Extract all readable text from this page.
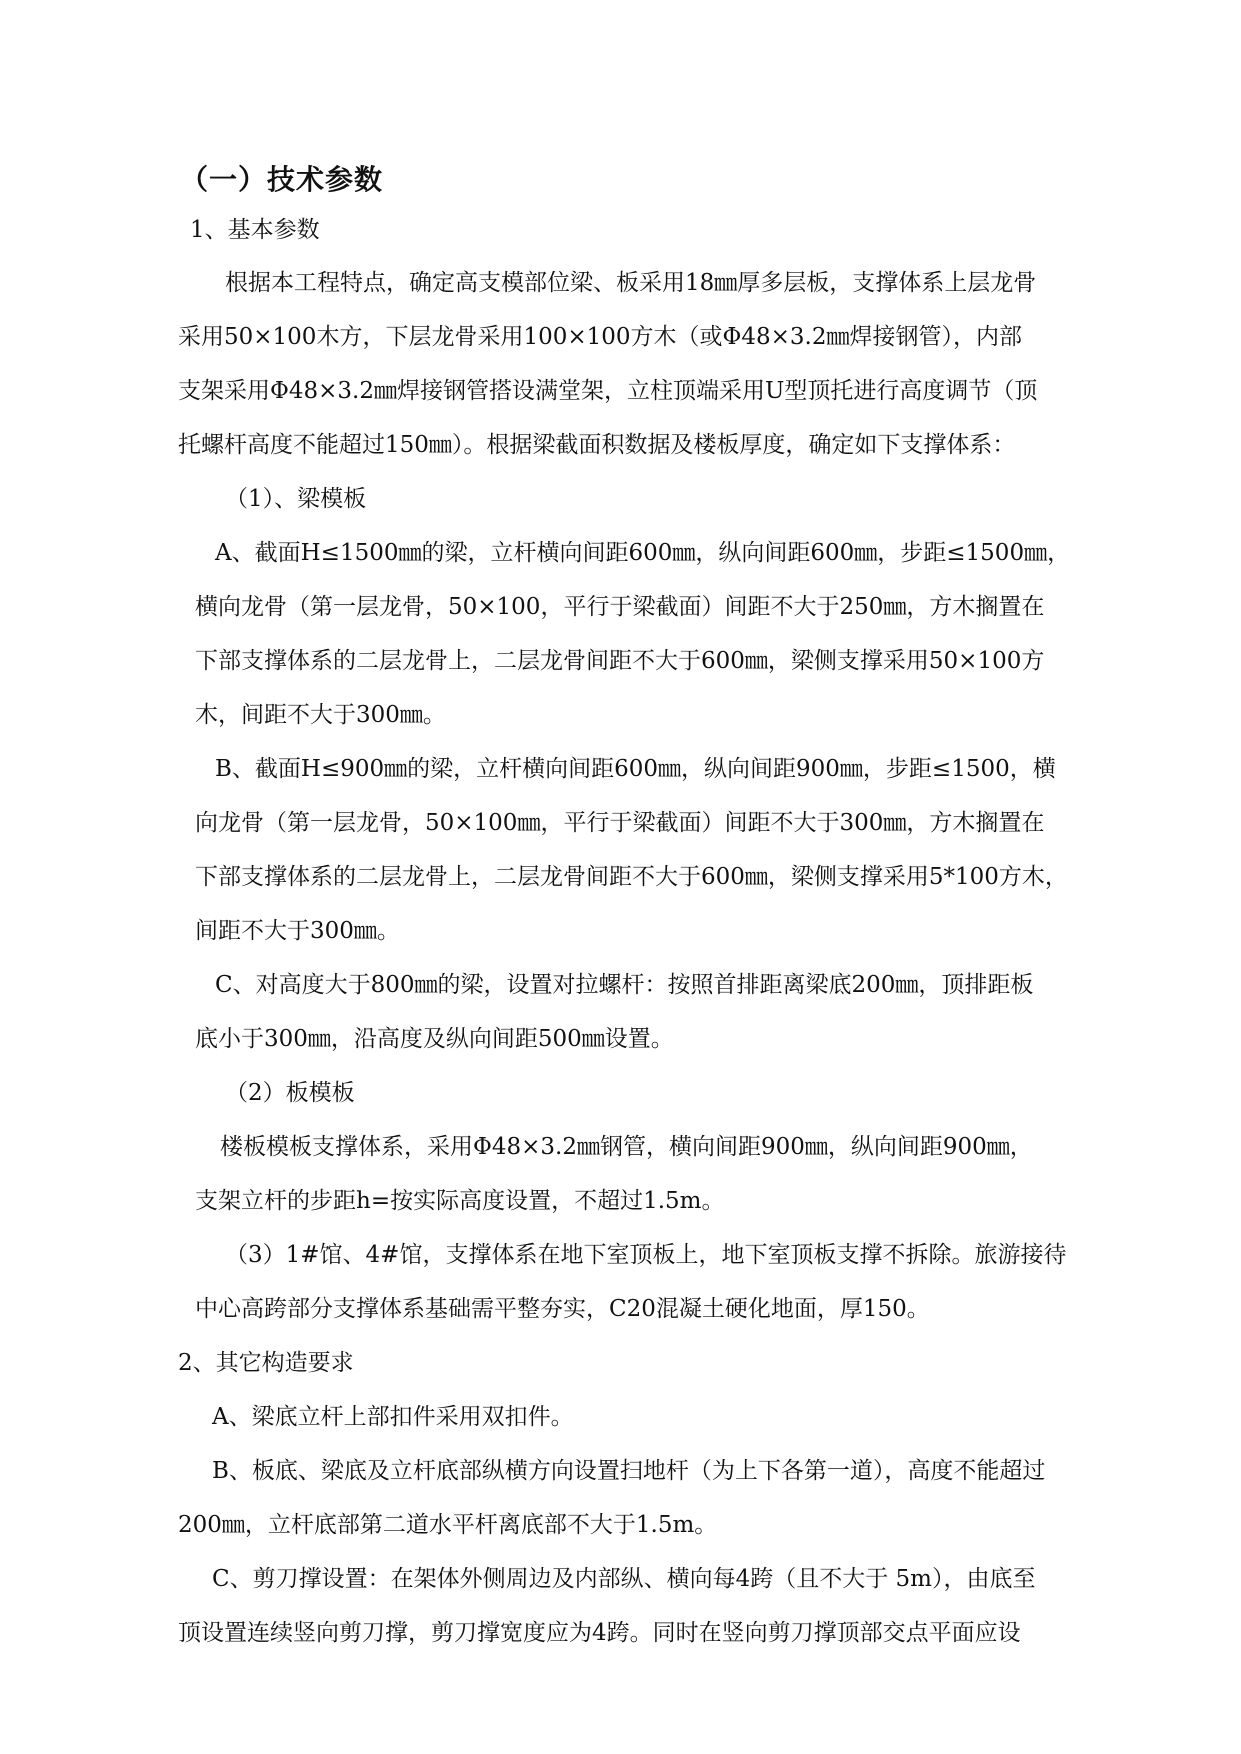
（一）技术参数
1、基本参数
根据本工程特点，确定高支模部位梁、板采用18㎜厚多层板，支撑体系上层龙骨
采用50×100木方，下层龙骨采用100×100方木（或Φ48×3.2㎜焊接钢管），内部
支架采用Φ48×3.2㎜焊接钢管搭设满堂架，立柱顶端采用U型顶托进行高度调节（顶
托螺杆高度不能超过150㎜）。根据梁截面积数据及楼板厚度，确定如下支撑体系：
（1）、梁模板
A、截面H≤1500㎜的梁，立杆横向间距600㎜，纵向间距600㎜，步距≤1500㎜，
横向龙骨（第一层龙骨，50×100，平行于梁截面）间距不大于250㎜，方木搁置在
下部支撑体系的二层龙骨上，二层龙骨间距不大于600㎜，梁侧支撑采用50×100方
木，间距不大于300㎜。
B、截面H≤900㎜的梁，立杆横向间距600㎜，纵向间距900㎜，步距≤1500，横
向龙骨（第一层龙骨，50×100㎜，平行于梁截面）间距不大于300㎜，方木搁置在
下部支撑体系的二层龙骨上，二层龙骨间距不大于600㎜，梁侧支撑采用5*100方木，
间距不大于300㎜。
C、对高度大于800㎜的梁，设置对拉螺杆：按照首排距离梁底200㎜，顶排距板
底小于300㎜，沿高度及纵向间距500㎜设置。
（2）板模板
楼板模板支撑体系，采用Φ48×3.2㎜钢管，横向间距900㎜，纵向间距900㎜，
支架立杆的步距h=按实际高度设置，不超过1.5m。
（3）1#馆、4#馆，支撑体系在地下室顶板上，地下室顶板支撑不拆除。旅游接待
中心高跨部分支撑体系基础需平整夯实，C20混凝土硬化地面，厚150。
2、其它构造要求
A、梁底立杆上部扣件采用双扣件。
B、板底、梁底及立杆底部纵横方向设置扫地杆（为上下各第一道），高度不能超过
200㎜，立杆底部第二道水平杆离底部不大于1.5m。
C、剪刀撑设置：在架体外侧周边及内部纵、横向每4跨（且不大于 5m），由底至
顶设置连续竖向剪刀撑，剪刀撑宽度应为4跨。同时在竖向剪刀撑顶部交点平面应设
